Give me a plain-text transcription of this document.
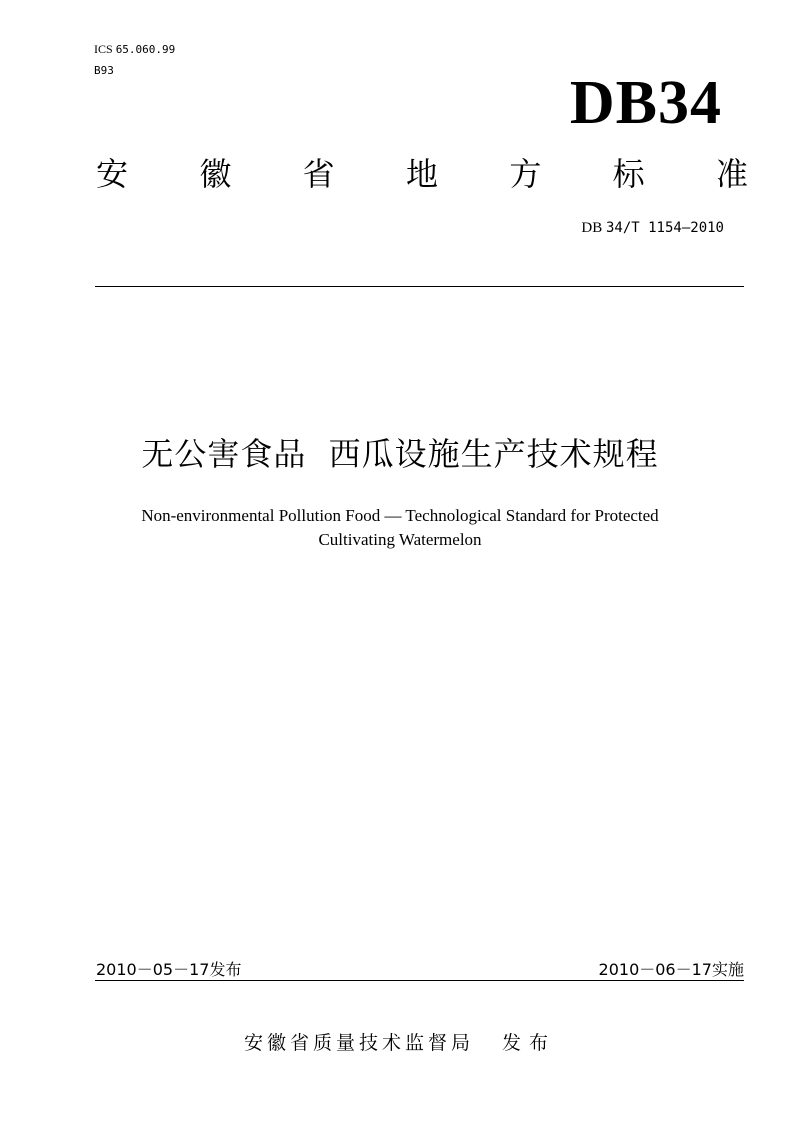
ICS 65.060.99
B93	DB34
安 徽 省 地 方 标 准
DB 34/T 1154—2010
无公害食品  西瓜设施生产技术规程
Non-environmental Pollution Food — Technological Standard for Protected
Cultivating Watermelon
2010－05－17发布	2010－06－17实施
安徽省质量技术监督局 发布
